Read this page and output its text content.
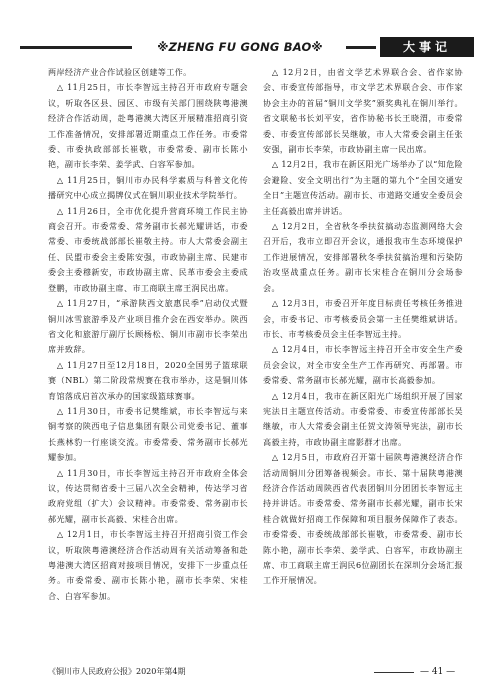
※ZHENG FU GONG BAO※	大事记

两岸经济产业合作试验区创建等工作。

△ 11月25日，市长李智远主持召开市政府专题会议，听取各区县、园区、市级有关部门围绕陕粤港澳经济合作活动周，赴粤港澳大湾区开展精准招商引资工作准备情况，安排部署近期重点工作任务。市委常委、市委执政部部长崔敬，市委常委、副市长陈小艳，副市长李荣、姜学武、白容军参加。

△ 11月25日，铜川市办民科学素质与科普文化传播研究中心成立揭牌仪式在铜川职业技术学院举行。

△ 11月26日，全市优化提升营商环境工作民主协商会召开。市委常委、常务副市长郝光耀讲话，市委常委、市委统战部部长崔敬主持。市人大常委会副主任、民盟市委会主委陈安强，市政协副主席、民建市委会主委穆新安，市政协副主席、民革市委会主委成登鹏，市政协副主席、市工商联主席王润民出席。

△ 11月27日，“承游陕西文旅惠民季”启动仪式暨铜川冰雪旅游季及产业项目推介会在西安举办。陕西省文化和旅游厅副厅长顾杨松、铜川市副市长李荣出席并致辞。

△ 11月27日至12月18日，2020全国男子篮球联赛（NBL）第二阶段常规赛在我市举办，这是铜川体育馆落成启首次承办的国家级篮球赛事。

△ 11月30日，市委书记樊维斌，市长李智远与来铜考察的陕西电子信息集团有限公司党委书记、董事长燕林豹一行座谈交流。市委常委、常务副市长郝光耀参加。

△ 11月30日，市长李智远主持召开市政府全体会议，传达贯彻省委十三届八次全会精神，传达学习省政府党组（扩大）会议精神。市委常委、常务副市长郝光耀，副市长高毅、宋桂合出席。

△ 12月1日，市长李智远主持召开招商引资工作会议，听取陕粤港澳经济合作活动周有关活动筹备和赴粤港澳大湾区招商对接项目情况，安排下一步重点任务。市委常委、副市长陈小艳，副市长李荣、宋桂合、白容军参加。

△ 12月2日，由省文学艺术界联合会、省作家协会、市委宣传部指导，市文学艺术界联合会、市作家协会主办的首届“铜川文学奖”颁奖典礼在铜川举行。省文联秘书长刘平安，省作协秘书长王晓渭，市委常委、市委宣传部部长吴继敏，市人大常委会副主任张安强，副市长李荣，市政协副主席一民出席。

△ 12月2日，我市在新区阳光广场举办了以“知危险会避险、安全文明出行”为主题的第九个“全国交通安全日”主题宣传活动。副市长、市道路交通安全委员会主任高毅出席并讲话。

△ 12月2日，全省秋冬季扶贫搞动态监测网络大会召开后，我市立即召开会议，通报我市生态环境保护工作进展情况，安排部署秋冬季扶贫搞治理和污染防治攻坚战重点任务。副市长宋桂合在铜川分会场参会。

△ 12月3日，市委召开年度目标责任考核任务推进会，市委书记、市考核委员会第一主任樊维斌讲话。市长、市考核委员会主任李智远主持。

△ 12月4日，市长李智远主持召开全市安全生产委员会会议，对全市安全生产工作再研究、再部署。市委常委、常务副市长郝光耀，副市长高毅参加。

△ 12月4日，我市在新区阳光广场组织开展了国家宪法日主题宣传活动。市委常委、市委宣传部部长吴继敏，市人大常委会副主任贺文涛领导宪法，副市长高毅主持，市政协副主席影群才出席。

△ 12月5日，市政府召开第十届陕粤港澳经济合作活动周铜川分团筹备视频会。市长、第十届陕粤港澳经济合作活动周陕西省代表团铜川分团团长李智远主持并讲话。市委常委、常务副市长郝光耀，副市长宋桂合就做好招商工作保障和项目服务保障作了表态。市委常委、市委统战部部长崔敬，市委常委、副市长陈小艳，副市长李荣、姜学武、白容军，市政协副主席、市工商联主席王润民6位副团长在深圳分会场汇报工作开展情况。

《铜川市人民政府公报》2020年第4期	— 41 —
